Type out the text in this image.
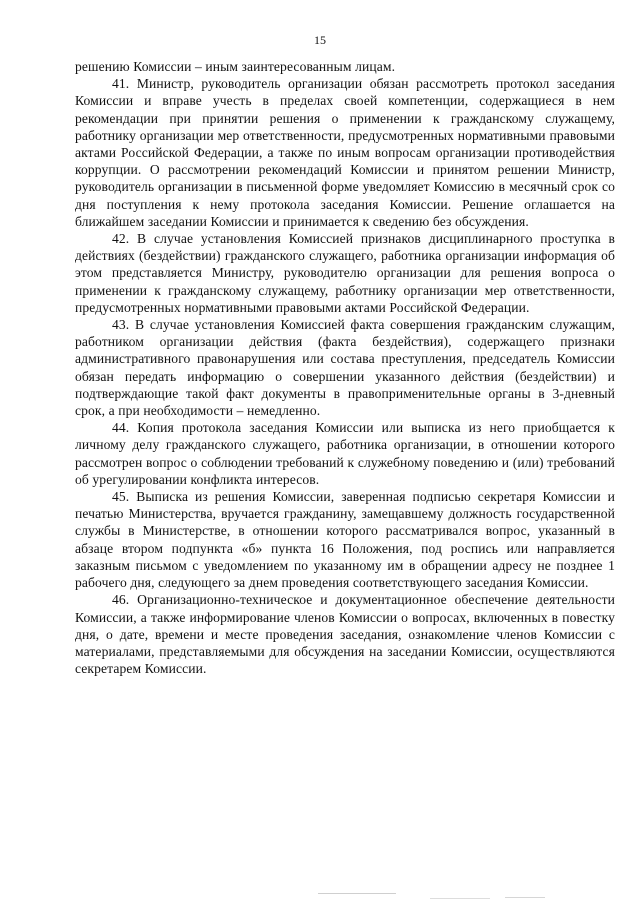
15

решению Комиссии – иным заинтересованным лицам.

41. Министр, руководитель организации обязан рассмотреть протокол заседания Комиссии и вправе учесть в пределах своей компетенции, содержащиеся в нем рекомендации при принятии решения о применении к гражданскому служащему, работнику организации мер ответственности, предусмотренных нормативными правовыми актами Российской Федерации, а также по иным вопросам организации противодействия коррупции. О рассмотрении рекомендаций Комиссии и принятом решении Министр, руководитель организации в письменной форме уведомляет Комиссию в месячный срок со дня поступления к нему протокола заседания Комиссии. Решение оглашается на ближайшем заседании Комиссии и принимается к сведению без обсуждения.

42. В случае установления Комиссией признаков дисциплинарного проступка в действиях (бездействии) гражданского служащего, работника организации информация об этом представляется Министру, руководителю организации для решения вопроса о применении к гражданскому служащему, работнику организации мер ответственности, предусмотренных нормативными правовыми актами Российской Федерации.

43. В случае установления Комиссией факта совершения гражданским служащим, работником организации действия (факта бездействия), содержащего признаки административного правонарушения или состава преступления, председатель Комиссии обязан передать информацию о совершении указанного действия (бездействии) и подтверждающие такой факт документы в правоприменительные органы в 3-дневный срок, а при необходимости – немедленно.

44. Копия протокола заседания Комиссии или выписка из него приобщается к личному делу гражданского служащего, работника организации, в отношении которого рассмотрен вопрос о соблюдении требований к служебному поведению и (или) требований об урегулировании конфликта интересов.

45. Выписка из решения Комиссии, заверенная подписью секретаря Комиссии и печатью Министерства, вручается гражданину, замещавшему должность государственной службы в Министерстве, в отношении которого рассматривался вопрос, указанный в абзаце втором подпункта «б» пункта 16 Положения, под роспись или направляется заказным письмом с уведомлением по указанному им в обращении адресу не позднее 1 рабочего дня, следующего за днем проведения соответствующего заседания Комиссии.

46. Организационно-техническое и документационное обеспечение деятельности Комиссии, а также информирование членов Комиссии о вопросах, включенных в повестку дня, о дате, времени и месте проведения заседания, ознакомление членов Комиссии с материалами, представляемыми для обсуждения на заседании Комиссии, осуществляются секретарем Комиссии.
